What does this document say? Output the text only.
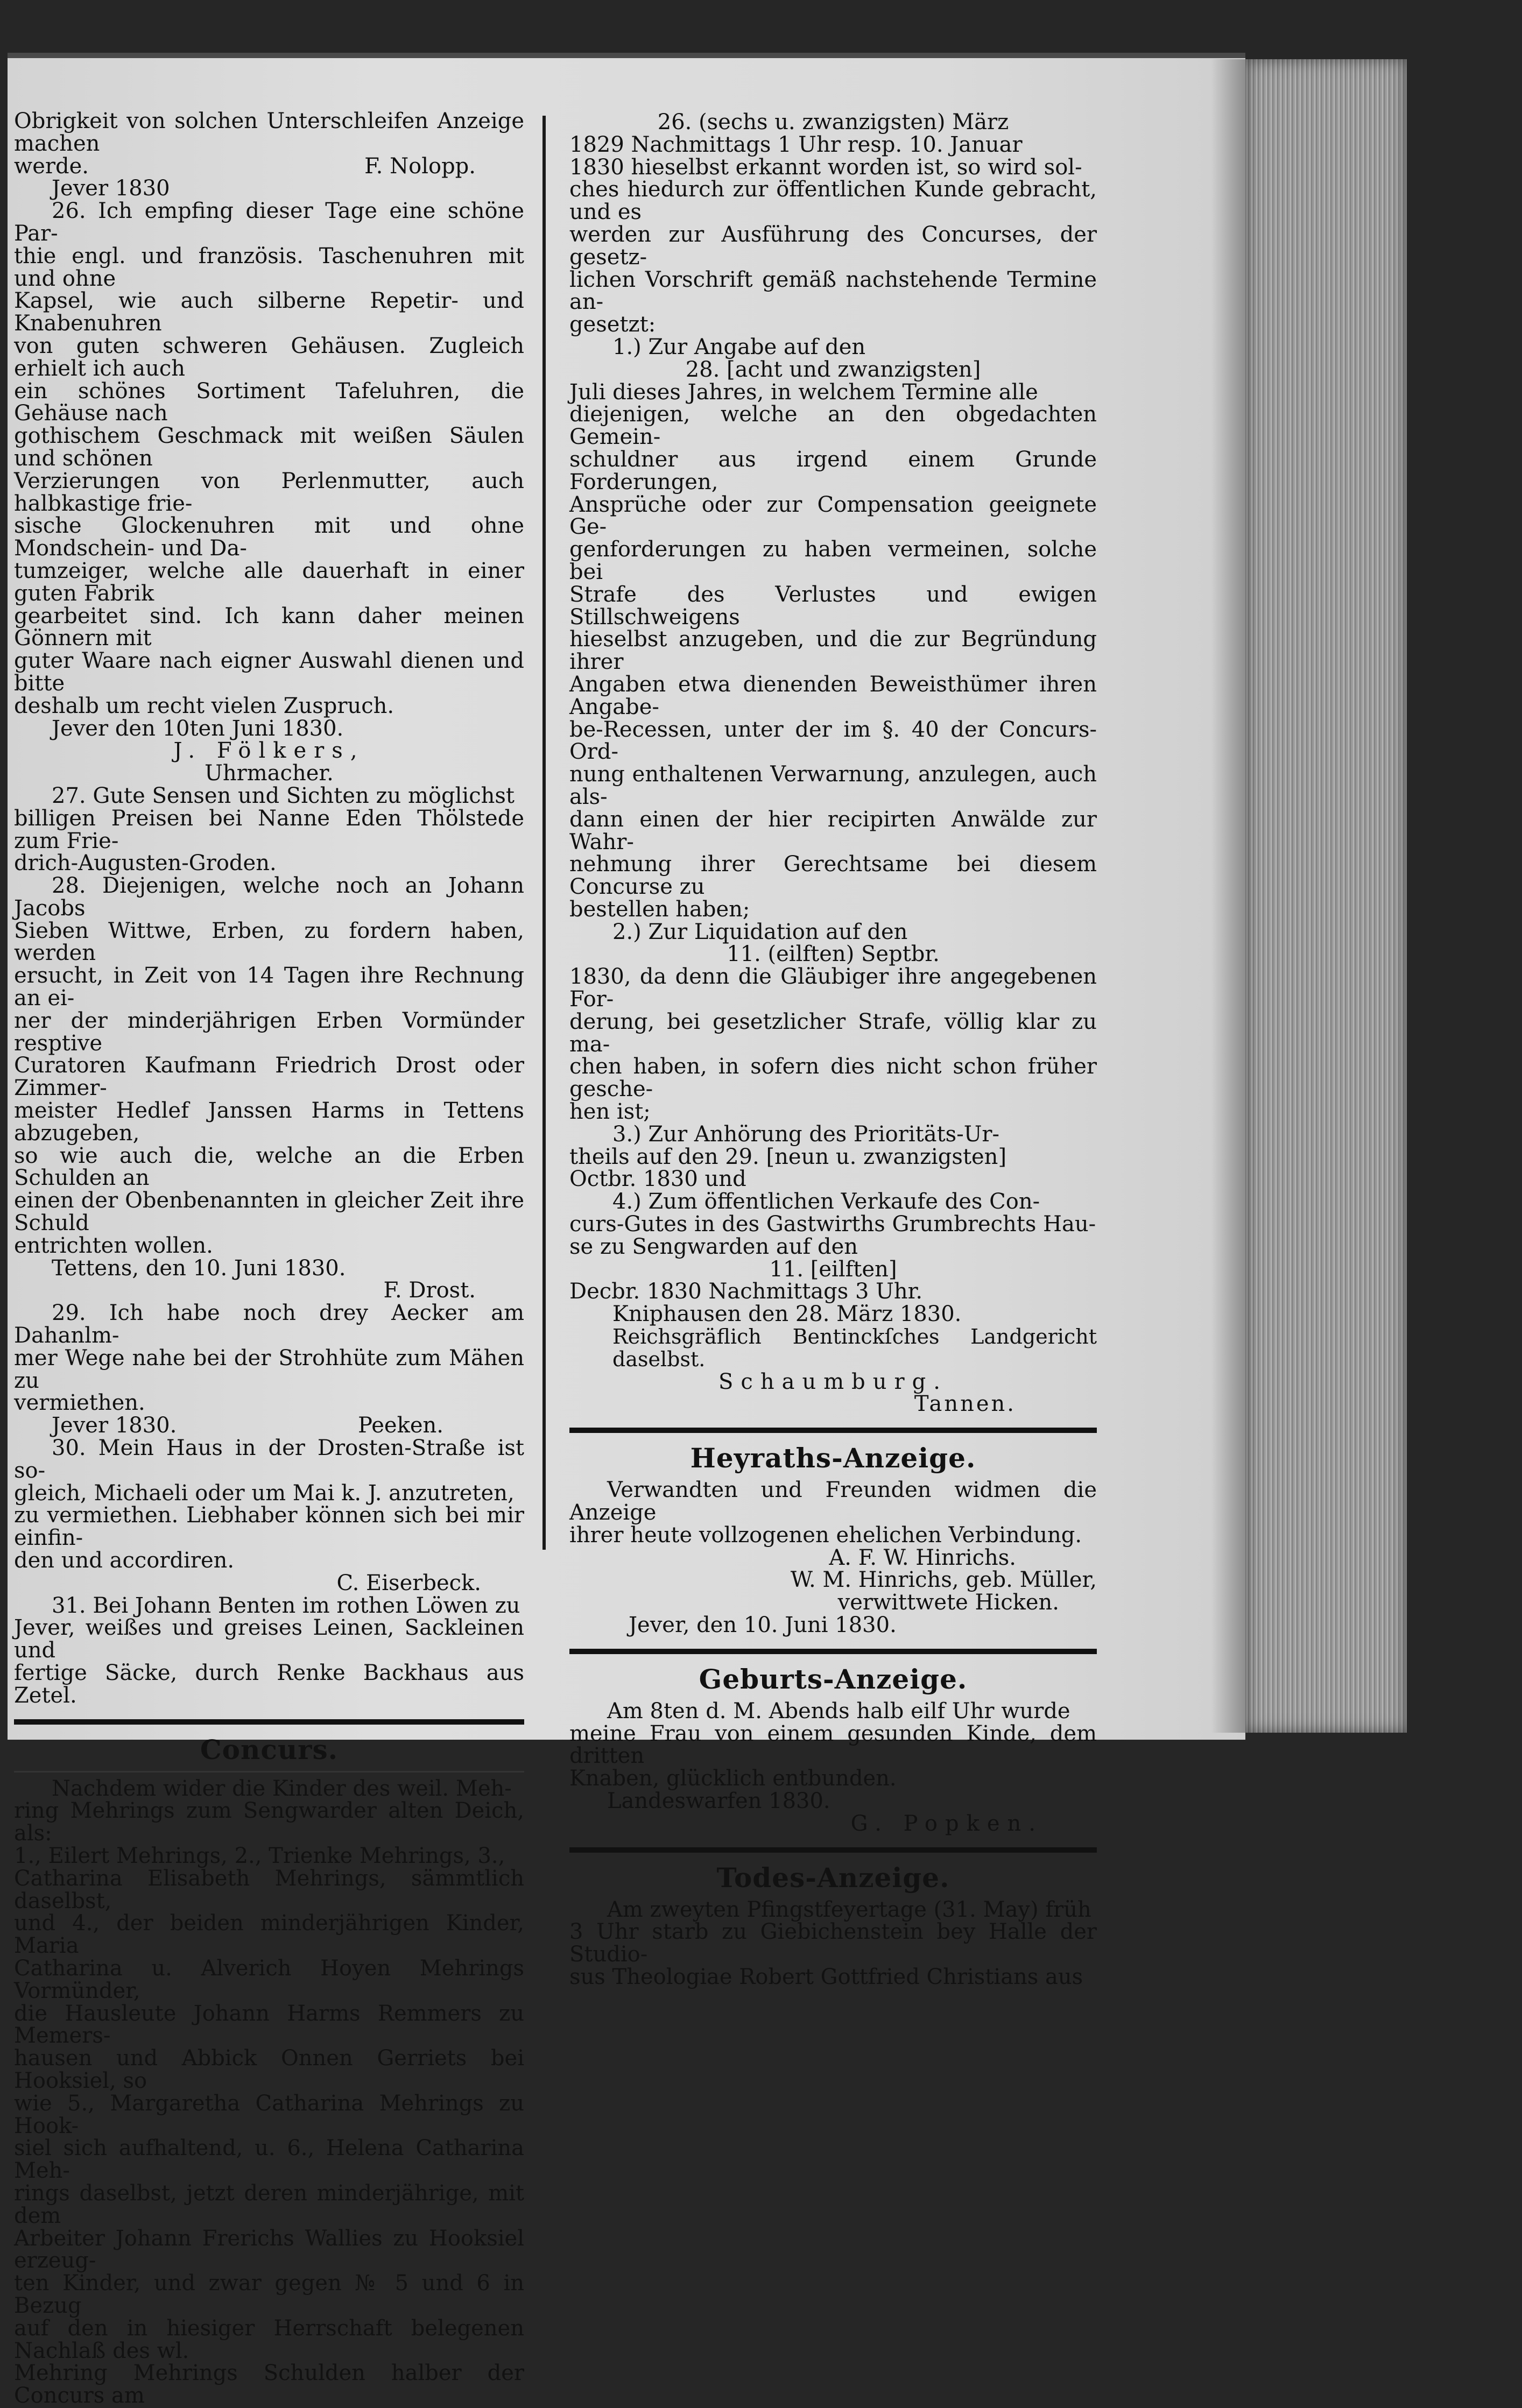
Obrigkeit von solchen Unterschleifen Anzeige machen

werde.	F. Nolopp.

Jever 1830

26. Ich empfing dieser Tage eine schöne Par-

thie engl. und französis. Taschenuhren mit und ohne

Kapsel, wie auch silberne Repetir- und Knabenuhren

von guten schweren Gehäusen. Zugleich erhielt ich auch

ein schönes Sortiment Tafeluhren, die Gehäuse nach

gothischem Geschmack mit weißen Säulen und schönen

Verzierungen von Perlenmutter, auch halbkastige frie-

sische Glockenuhren mit und ohne Mondschein- und Da-

tumzeiger, welche alle dauerhaft in einer guten Fabrik

gearbeitet sind. Ich kann daher meinen Gönnern mit

guter Waare nach eigner Auswahl dienen und bitte

deshalb um recht vielen Zuspruch.

Jever den 10ten Juni 1830.

J. Fölkers,

Uhrmacher.

27. Gute Sensen und Sichten zu möglichst

billigen Preisen bei Nanne Eden Thölstede zum Frie-

drich-Augusten-Groden.

28. Diejenigen, welche noch an Johann Jacobs

Sieben Wittwe, Erben, zu fordern haben, werden

ersucht, in Zeit von 14 Tagen ihre Rechnung an ei-

ner der minderjährigen Erben Vormünder resptive

Curatoren Kaufmann Friedrich Drost oder Zimmer-

meister Hedlef Janssen Harms in Tettens abzugeben,

so wie auch die, welche an die Erben Schulden an

einen der Obenbenannten in gleicher Zeit ihre Schuld

entrichten wollen.

Tettens, den 10. Juni 1830.

F. Drost.

29. Ich habe noch drey Aecker am Dahanlm-

mer Wege nahe bei der Strohhüte zum Mähen zu

vermiethen.

Jever 1830.	Peeken.

30. Mein Haus in der Drosten-Straße ist so-

gleich, Michaeli oder um Mai k. J. anzutreten,

zu vermiethen. Liebhaber können sich bei mir einfin-

den und accordiren.

C. Eiserbeck.

31. Bei Johann Benten im rothen Löwen zu

Jever, weißes und greises Leinen, Sackleinen und

fertige Säcke, durch Renke Backhaus aus Zetel.

Concurs.

Nachdem wider die Kinder des weil. Meh-

ring Mehrings zum Sengwarder alten Deich, als:

1., Eilert Mehrings, 2., Trienke Mehrings, 3.,

Catharina Elisabeth Mehrings, sämmtlich daselbst,

und 4., der beiden minderjährigen Kinder, Maria

Catharina u. Alverich Hoyen Mehrings Vormünder,

die Hausleute Johann Harms Remmers zu Memers-

hausen und Abbick Onnen Gerriets bei Hooksiel, so

wie 5., Margaretha Catharina Mehrings zu Hook-

siel sich aufhaltend, u. 6., Helena Catharina Meh-

rings daselbst, jetzt deren minderjährige, mit dem

Arbeiter Johann Frerichs Wallies zu Hooksiel erzeug-

ten Kinder, und zwar gegen № 5 und 6 in Bezug

auf den in hiesiger Herrschaft belegenen Nachlaß des wl.

Mehring Mehrings Schulden halber der Concurs am

26. (sechs u. zwanzigsten) März

1829 Nachmittags 1 Uhr resp. 10. Januar

1830 hieselbst erkannt worden ist, so wird sol-

ches hiedurch zur öffentlichen Kunde gebracht, und es

werden zur Ausführung des Concurses, der gesetz-

lichen Vorschrift gemäß nachstehende Termine an-

gesetzt:

1.) Zur Angabe auf den

28. [acht und zwanzigsten]

Juli dieses Jahres, in welchem Termine alle

diejenigen, welche an den obgedachten Gemein-

schuldner aus irgend einem Grunde Forderungen,

Ansprüche oder zur Compensation geeignete Ge-

genforderungen zu haben vermeinen, solche bei

Strafe des Verlustes und ewigen Stillschweigens

hieselbst anzugeben, und die zur Begründung ihrer

Angaben etwa dienenden Beweisthümer ihren Angabe-

be-Recessen, unter der im §. 40 der Concurs-Ord-

nung enthaltenen Verwarnung, anzulegen, auch als-

dann einen der hier recipirten Anwälde zur Wahr-

nehmung ihrer Gerechtsame bei diesem Concurse zu

bestellen haben;

2.) Zur Liquidation auf den

11. (eilften) Septbr.

1830, da denn die Gläubiger ihre angegebenen For-

derung, bei gesetzlicher Strafe, völlig klar zu ma-

chen haben, in sofern dies nicht schon früher gesche-

hen ist;

3.) Zur Anhörung des Prioritäts-Ur-

theils auf den 29. [neun u. zwanzigsten]

Octbr. 1830 und

4.) Zum öffentlichen Verkaufe des Con-

curs-Gutes in des Gastwirths Grumbrechts Hau-

se zu Sengwarden auf den

11. [eilften]

Decbr. 1830 Nachmittags 3 Uhr.

Kniphausen den 28. März 1830.

Reichsgräflich Bentinckſches Landgericht daselbst.

Schaumburg.

Tannen.

Heyraths-Anzeige.

Verwandten und Freunden widmen die Anzeige

ihrer heute vollzogenen ehelichen Verbindung.

A. F. W. Hinrichs.

W. M. Hinrichs, geb. Müller,

verwittwete Hicken.

Jever, den 10. Juni 1830.

Geburts-Anzeige.

Am 8ten d. M. Abends halb eilf Uhr wurde

meine Frau von einem gesunden Kinde, dem dritten

Knaben, glücklich entbunden.

Landeswarfen 1830.

G. Popken.

Todes-Anzeige.

Am zweyten Pfingstfeyertage (31. May) früh

3 Uhr starb zu Giebichenstein bey Halle der Studio-

sus Theologiae Robert Gottfried Christians aus
